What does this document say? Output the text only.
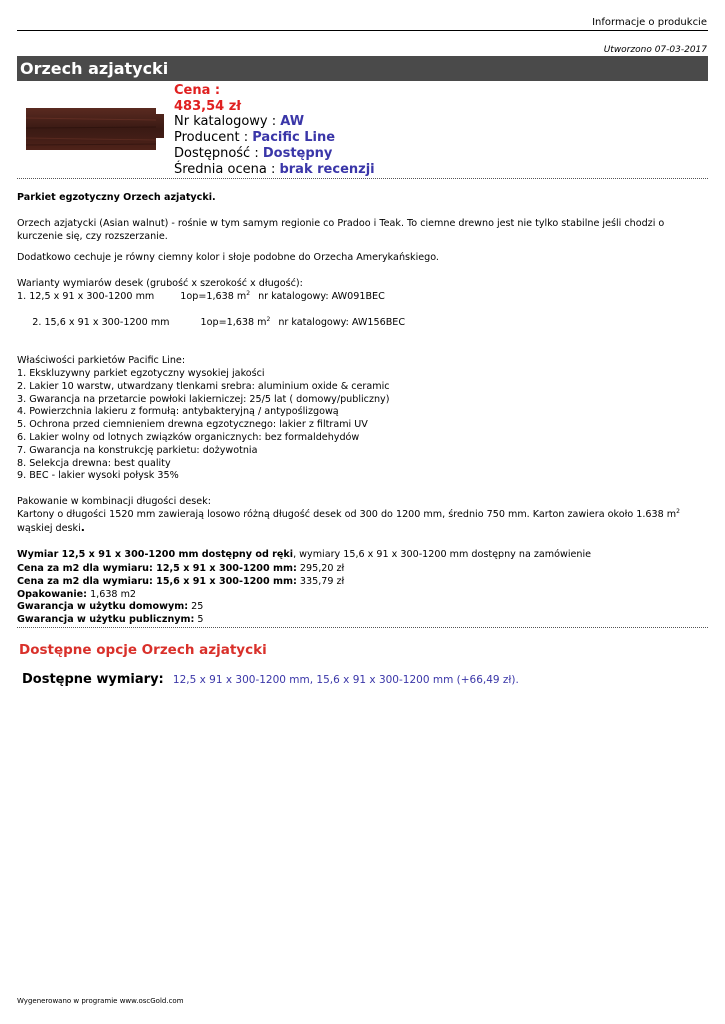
Informacje o produkcie
Utworzono 07-03-2017
Orzech azjatycki
Cena :
483,54 zł
Nr katalogowy : AW
Producent : Pacific Line
Dostępność : Dostępny
Średnia ocena : brak recenzji

Parkiet egzotyczny Orzech azjatycki.

Orzech azjatycki (Asian walnut) - rośnie w tym samym regionie co Pradoo i Teak. To ciemne drewno jest nie tylko stabilne jeśli chodzi o kurczenie się, czy rozszerzanie.

Dodatkowo cechuje je równy ciemny kolor i słoje podobne do Orzecha Amerykańskiego.

Warianty wymiarów desek (grubość x szerokość x długość):

1. 12,5 x 91 x 300-1200 mm	1op=1,638 $m^2$ nr katalogowy: AW091BEC

2. 15,6 x 91 x 300-1200 mm	1op=1,638 $m^2$ nr katalogowy: AW156BEC

Właściwości parkietów Pacific Line:

1. Ekskluzywny parkiet egzotyczny wysokiej jakości
2. Lakier 10 warstw, utwardzany tlenkami srebra: aluminium oxide & ceramic
3. Gwarancja na przetarcie powłoki lakierniczej: 25/5 lat ( domowy/publiczny)
4. Powierzchnia lakieru z formułą: antybakteryjną / antypoślizgową
5. Ochrona przed ciemnieniem drewna egzotycznego: lakier z filtrami UV
6. Lakier wolny od lotnych związków organicznych: bez formaldehydów
7. Gwarancja na konstrukcję parkietu: dożywotnia
8. Selekcja drewna: best quality
9. BEC - lakier wysoki połysk 35%

Pakowanie w kombinacji długości desek:

Kartony o długości 1520 mm zawierają losowo różną długość desek od 300 do 1200 mm, średnio 750 mm. Karton zawiera około 1.638 $m^2$ wąskiej deski.

Wymiar 12,5 x 91 x 300-1200 mm dostępny od ręki, wymiary 15,6 x 91 x 300-1200 mm dostępny na zamówienie

Cena za m2 dla wymiaru: 12,5 x 91 x 300-1200 mm: 295,20 zł
Cena za m2 dla wymiaru: 15,6 x 91 x 300-1200 mm: 335,79 zł
Opakowanie: 1,638 m2
Gwarancja w użytku domowym: 25
Gwarancja w użytku publicznym: 5
Dostępne opcje Orzech azjatycki
Dostępne wymiary: 12,5 x 91 x 300-1200 mm, 15,6 x 91 x 300-1200 mm (+66,49 zł).
Wygenerowano w programie www.oscGold.com
